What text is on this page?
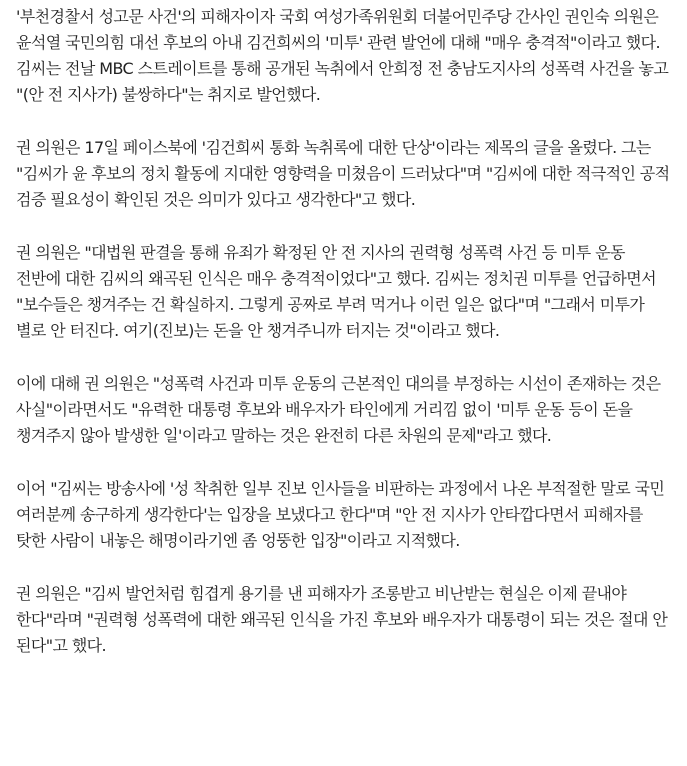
'부천경찰서 성고문 사건'의 피해자이자 국회 여성가족위원회 더불어민주당 간사인 권인숙 의원은 윤석열 국민의힘 대선 후보의 아내 김건희씨의 '미투' 관련 발언에 대해 "매우 충격적"이라고 했다. 김씨는 전날 MBC 스트레이트를 통해 공개된 녹취에서 안희정 전 충남도지사의 성폭력 사건을 놓고 "(안 전 지사가) 불쌍하다"는 취지로 발언했다.

권 의원은 17일 페이스북에 '김건희씨 통화 녹취록에 대한 단상'이라는 제목의 글을 올렸다. 그는 "김씨가 윤 후보의 정치 활동에 지대한 영향력을 미쳤음이 드러났다"며 "김씨에 대한 적극적인 공적 검증 필요성이 확인된 것은 의미가 있다고 생각한다"고 했다.

권 의원은 "대법원 판결을 통해 유죄가 확정된 안 전 지사의 권력형 성폭력 사건 등 미투 운동 전반에 대한 김씨의 왜곡된 인식은 매우 충격적이었다"고 했다. 김씨는 정치권 미투를 언급하면서 "보수들은 챙겨주는 건 확실하지. 그렇게 공짜로 부려 먹거나 이런 일은 없다"며 "그래서 미투가 별로 안 터진다. 여기(진보)는 돈을 안 챙겨주니까 터지는 것"이라고 했다.

이에 대해 권 의원은 "성폭력 사건과 미투 운동의 근본적인 대의를 부정하는 시선이 존재하는 것은 사실"이라면서도 "유력한 대통령 후보와 배우자가 타인에게 거리낌 없이 '미투 운동 등이 돈을 챙겨주지 않아 발생한 일'이라고 말하는 것은 완전히 다른 차원의 문제"라고 했다.

이어 "김씨는 방송사에 '성 착취한 일부 진보 인사들을 비판하는 과정에서 나온 부적절한 말로 국민 여러분께 송구하게 생각한다'는 입장을 보냈다고 한다"며 "안 전 지사가 안타깝다면서 피해자를 탓한 사람이 내놓은 해명이라기엔 좀 엉뚱한 입장"이라고 지적했다.

권 의원은 "김씨 발언처럼 힘겹게 용기를 낸 피해자가 조롱받고 비난받는 현실은 이제 끝내야 한다"라며 "권력형 성폭력에 대한 왜곡된 인식을 가진 후보와 배우자가 대통령이 되는 것은 절대 안 된다"고 했다.
